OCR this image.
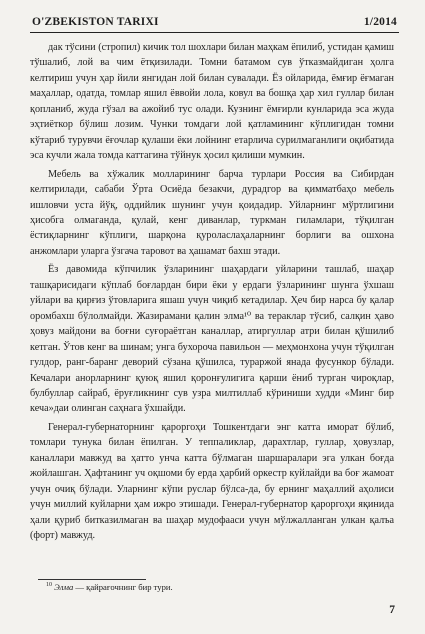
O'ZBEKISTON TARIXI	1/2014

дак тўсини (стропил) кичик тол шохлари билан маҳкам ёпилиб, устидан қамиш тўшалиб, лой ва чим ётқизилади. Томни батамом сув ўтказмайдиган ҳолга келтириш учун ҳар йили янгидан лой билан сувалади. Ёз ойларида, ёмғир ёғмаган маҳаллар, одатда, томлар яшил ёввойи лола, ковул ва бошқа ҳар хил гуллар билан қопланиб, жуда гўзал ва ажойиб тус олади. Кузнинг ёмғирли кунларида эса жуда эҳтиёткор бўлиш лозим. Чунки томдаги лой қатламининг кўплигидан томни кўтариб турувчи ёғочлар қулаши ёки лойнинг етарлича сурилмаганлиги оқибатида эса кучли жала томда каттагина тўйнук ҳосил қилиши мумкин.

Мебель ва хўжалик молларининг барча турлари Россия ва Сибирдан келтирилади, сабаби Ўрта Осиёда безакчи, дурадгор ва қимматбаҳо мебель ишловчи уста йўқ, оддийлик шунинг учун қоидадир. Уйларнинг мўртлигини ҳисобга олмаганда, қулай, кенг диванлар, туркман гиламлари, тўқилган ёстиқларнинг кўплиги, шарқона қуроласлаҳаларнинг борлиги ва ошхона анжомлари уларга ўзгача таровот ва ҳашамат бахш этади.

Ёз давомида кўпчилик ўзларининг шаҳардаги уйларини ташлаб, шаҳар ташқарисидаги кўплаб боғлардан бири ёки у ердаги ўзларининг шунга ўхшаш уйлари ва қирғиз ўтовларига яшаш учун чиқиб кетадилар. Ҳеч бир нарса бу қалар оромбахш бўлолмайди. Жазирамани қалин элма¹⁰ ва тераклар тўсиб, салқин ҳаво ҳовуз майдони ва боғни суғораётган каналлар, атиргуллар атри билан қўшилиб кетган. Ўтов кенг ва шинам; унга бухороча павильон — меҳмонхона учун тўқилган гулдор, ранг-баранг деворий сўзана қўшилса, тураржой янада фусункор бўлади. Кечалари анорларнинг қуюқ яшил қоронғулигига қарши ёниб турган чироқлар, булбуллар сайраб, ёруғликнинг сув узра милтиллаб кўриниши худди «Минг бир кеча»даи олинган саҳнага ўхшайди.

Генерал-губернаторнинг қароргоҳи Тошкентдаги энг катта иморат бўлиб, томлари тунука билан ёпилган. У теппаликлар, дарахтлар, гуллар, ҳовузлар, каналлари мавжуд ва ҳатто унча катта бўлмаган шаршаралари эга улкан боғда жойлашган. Ҳафтанинг уч оқшоми бу ерда ҳарбий оркестр куйлайди ва боғ жамоат учун очиқ бўлади. Уларнинг кўпи руслар бўлса-да, бу ернинг маҳаллий аҳолиси учун миллий куйларни ҳам ижро этишади. Генерал-губернатор қароргоҳи яқинида ҳали қуриб битказилмаган ва шаҳар мудофааси учун мўлжалланган улкан қалъа (форт) мавжуд.

$^{10}$ Элма — қайрағочнинг бир тури.
7
